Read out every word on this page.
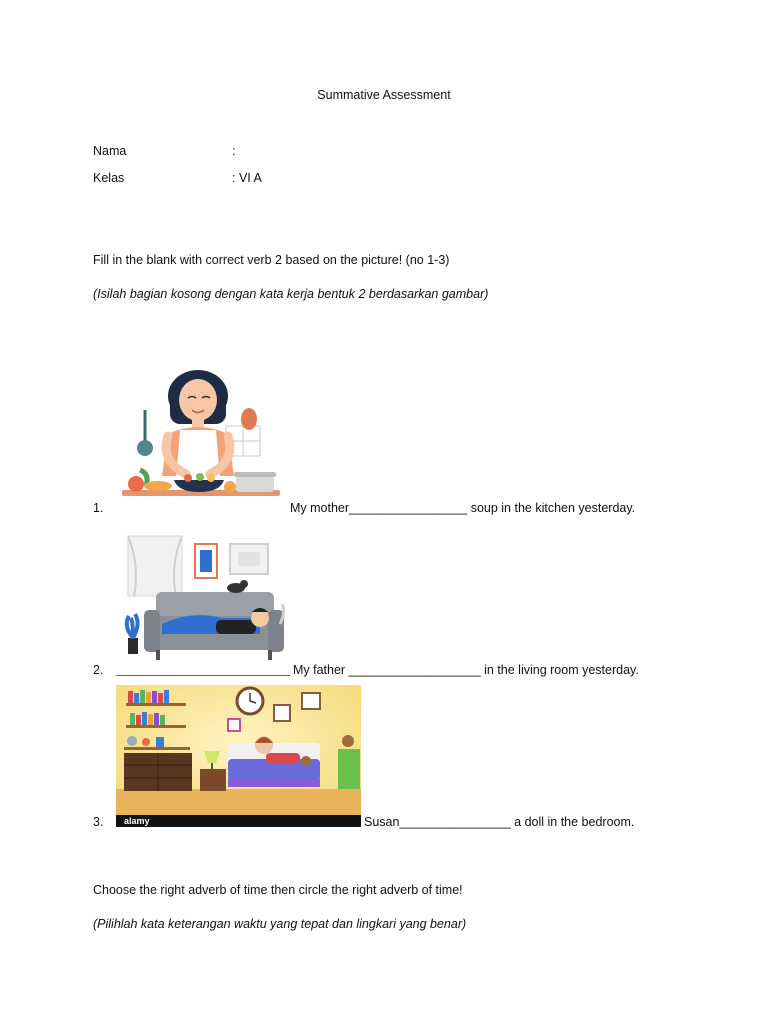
Summative Assessment
Nama	:
Kelas	: VI A
Fill in the blank with correct verb 2 based on the picture! (no 1-3)
(Isilah bagian kosong dengan kata kerja bentuk 2 berdasarkan gambar)
1.	My mother_________________ soup in the kitchen yesterday.
2.	My father ___________________ in the living room yesterday.
alamy
3.	Susan________________ a doll in the bedroom.
Choose the right adverb of time then circle the right adverb of time!
(Pilihlah kata keterangan waktu yang tepat dan lingkari yang benar)
